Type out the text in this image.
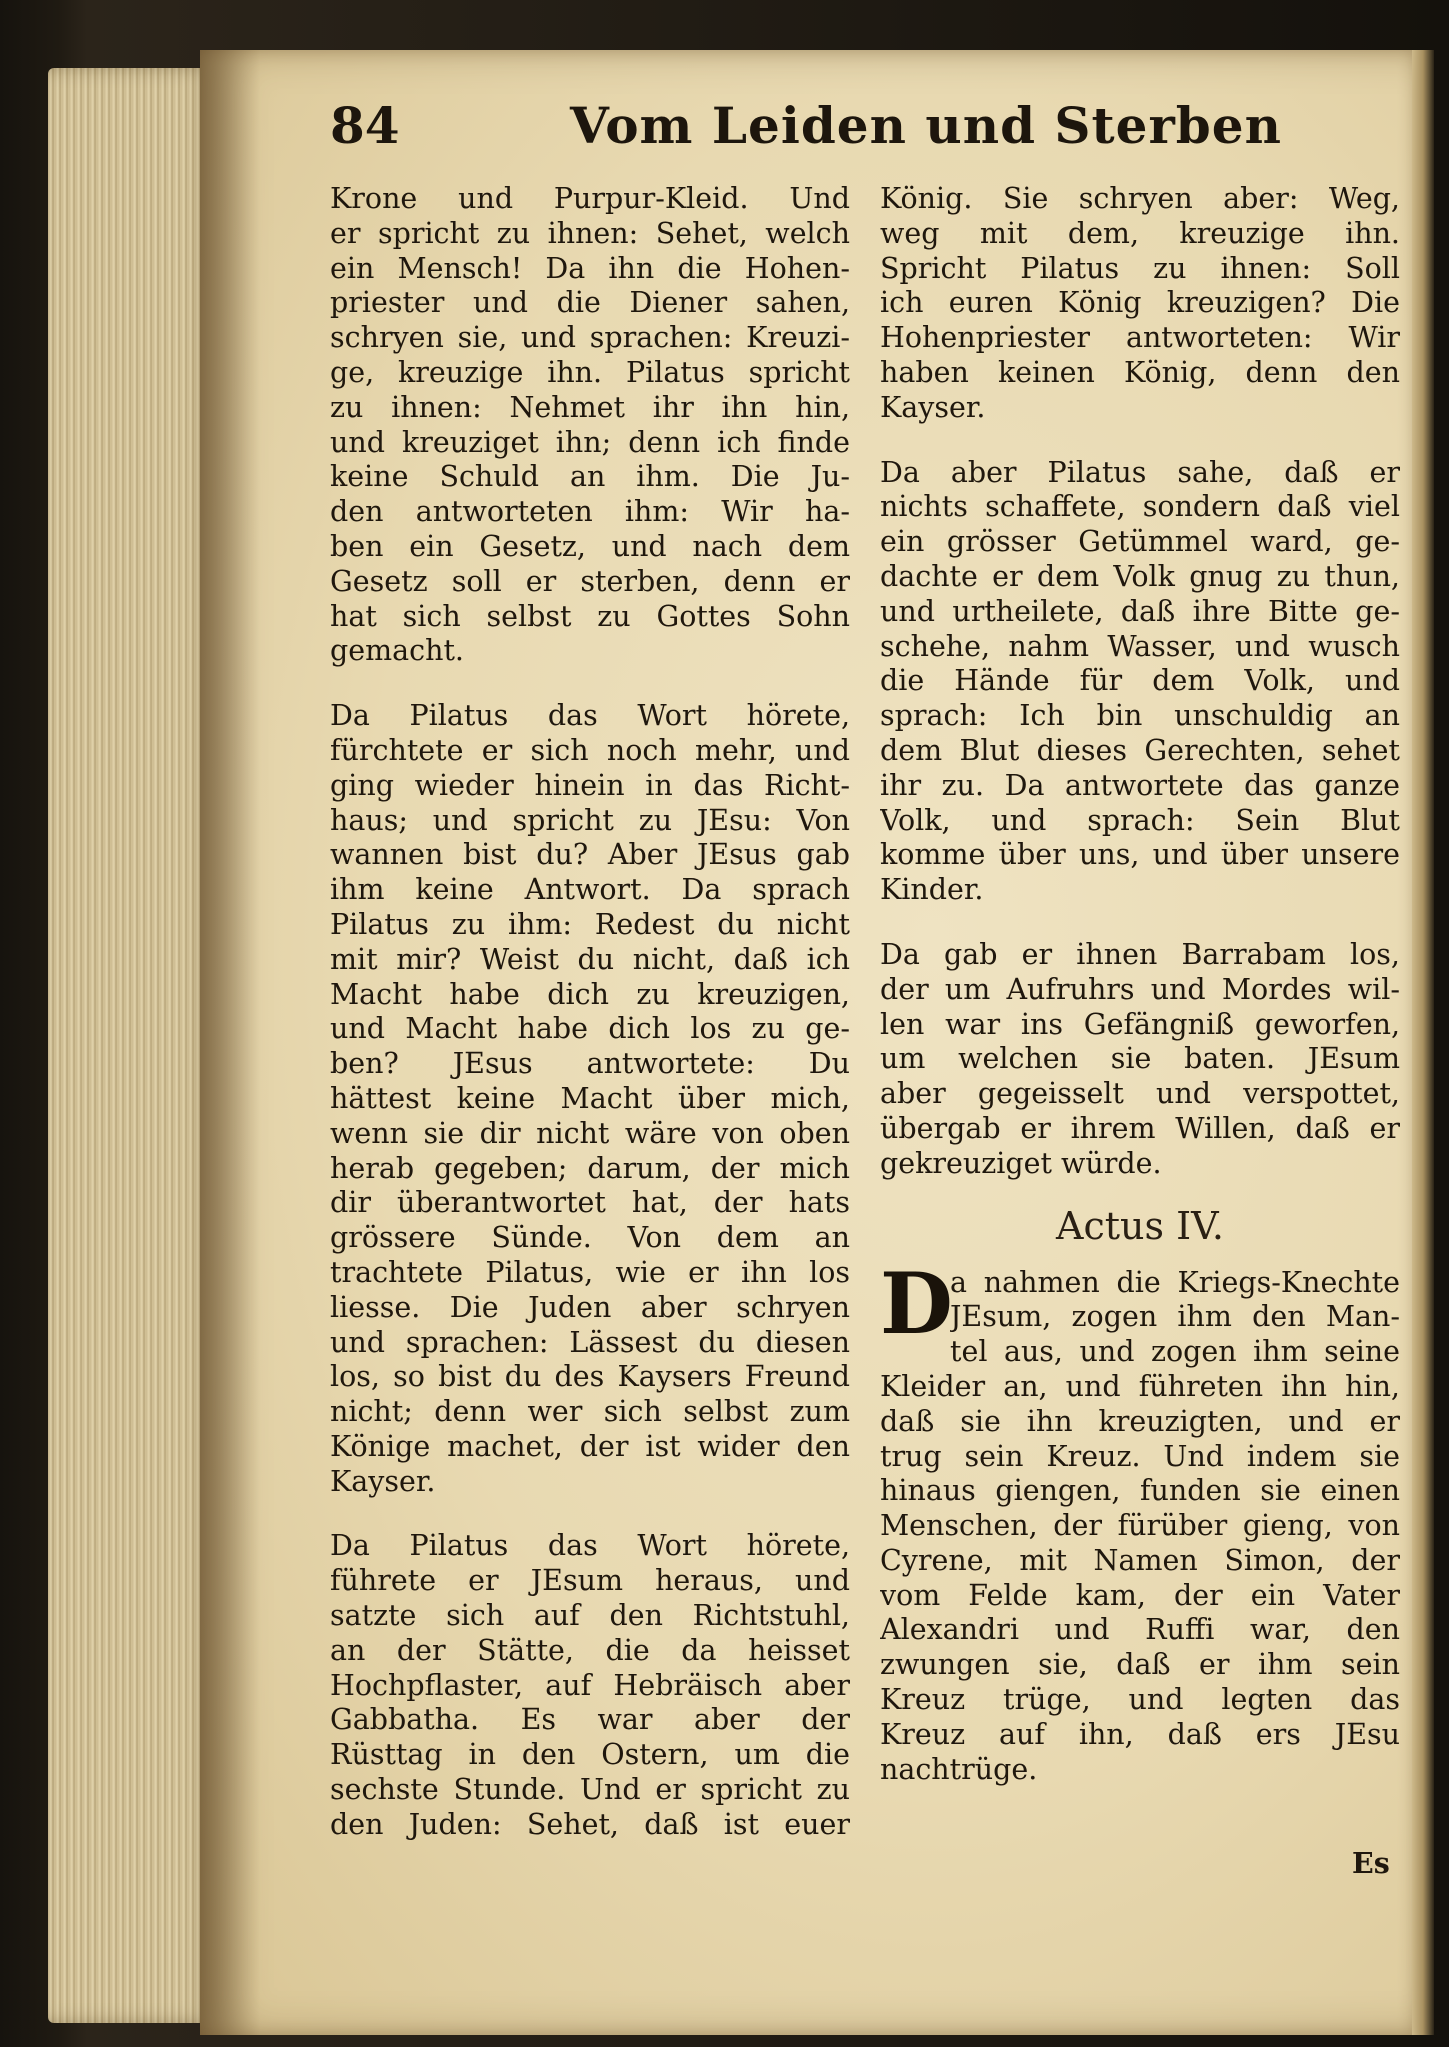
84	Vom Leiden und Sterben
Krone und Purpur-Kleid. Und
er spricht zu ihnen: Sehet, welch
ein Mensch! Da ihn die Hohen-
priester und die Diener sahen,
schryen sie, und sprachen: Kreuzi-
ge, kreuzige ihn. Pilatus spricht
zu ihnen: Nehmet ihr ihn hin,
und kreuziget ihn; denn ich finde
keine Schuld an ihm. Die Ju-
den antworteten ihm: Wir ha-
ben ein Gesetz, und nach dem
Gesetz soll er sterben, denn er
hat sich selbst zu Gottes Sohn
gemacht.
Da Pilatus das Wort hörete,
fürchtete er sich noch mehr, und
ging wieder hinein in das Richt-
haus; und spricht zu JEsu: Von
wannen bist du? Aber JEsus gab
ihm keine Antwort. Da sprach
Pilatus zu ihm: Redest du nicht
mit mir? Weist du nicht, daß ich
Macht habe dich zu kreuzigen,
und Macht habe dich los zu ge-
ben? JEsus antwortete: Du
hättest keine Macht über mich,
wenn sie dir nicht wäre von oben
herab gegeben; darum, der mich
dir überantwortet hat, der hats
grössere Sünde. Von dem an
trachtete Pilatus, wie er ihn los
liesse. Die Juden aber schryen
und sprachen: Lässest du diesen
los, so bist du des Kaysers Freund
nicht; denn wer sich selbst zum
Könige machet, der ist wider den
Kayser.
Da Pilatus das Wort hörete,
führete er JEsum heraus, und
satzte sich auf den Richtstuhl,
an der Stätte, die da heisset
Hochpflaster, auf Hebräisch aber
Gabbatha. Es war aber der
Rüsttag in den Ostern, um die
sechste Stunde. Und er spricht zu
den Juden: Sehet, daß ist euer
König. Sie schryen aber: Weg,
weg mit dem, kreuzige ihn.
Spricht Pilatus zu ihnen: Soll
ich euren König kreuzigen? Die
Hohenpriester antworteten: Wir
haben keinen König, denn den
Kayser.
Da aber Pilatus sahe, daß er
nichts schaffete, sondern daß viel
ein grösser Getümmel ward, ge-
dachte er dem Volk gnug zu thun,
und urtheilete, daß ihre Bitte ge-
schehe, nahm Wasser, und wusch
die Hände für dem Volk, und
sprach: Ich bin unschuldig an
dem Blut dieses Gerechten, sehet
ihr zu. Da antwortete das ganze
Volk, und sprach: Sein Blut
komme über uns, und über unsere
Kinder.
Da gab er ihnen Barrabam los,
der um Aufruhrs und Mordes wil-
len war ins Gefängniß geworfen,
um welchen sie baten. JEsum
aber gegeisselt und verspottet,
übergab er ihrem Willen, daß er
gekreuziget würde.
Actus IV.
D
a nahmen die Kriegs-Knechte
JEsum, zogen ihm den Man-
tel aus, und zogen ihm seine
Kleider an, und führeten ihn hin,
daß sie ihn kreuzigten, und er
trug sein Kreuz. Und indem sie
hinaus giengen, funden sie einen
Menschen, der fürüber gieng, von
Cyrene, mit Namen Simon, der
vom Felde kam, der ein Vater
Alexandri und Ruffi war, den
zwungen sie, daß er ihm sein
Kreuz trüge, und legten das
Kreuz auf ihn, daß ers JEsu
nachtrüge.
Es
